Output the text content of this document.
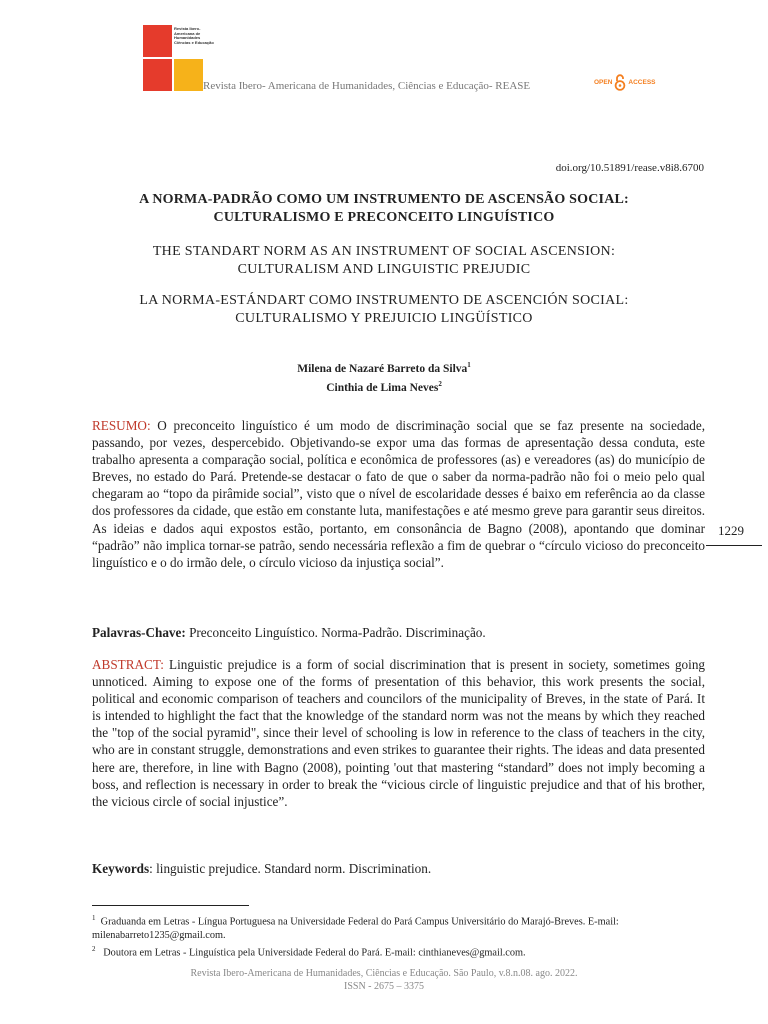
Revista Ibero-Americana de Humanidades Ciências e Educação
Revista Ibero- Americana de Humanidades, Ciências e Educação- REASE	OPEN ACCESS
doi.org/10.51891/rease.v8i8.6700
A NORMA-PADRÃO COMO UM INSTRUMENTO DE ASCENSÃO SOCIAL:
CULTURALISMO E PRECONCEITO LINGUÍSTICO
THE STANDART NORM AS AN INSTRUMENT OF SOCIAL ASCENSION:
CULTURALISM AND LINGUISTIC PREJUDIC
LA NORMA-ESTÁNDART COMO INSTRUMENTO DE ASCENCIÓN SOCIAL:
CULTURALISMO Y PREJUICIO LINGÜÍSTICO
Milena de Nazaré Barreto da Silva$^1$
Cinthia de Lima Neves$^2$
RESUMO: O preconceito linguístico é um modo de discriminação social que se faz presente na sociedade, passando, por vezes, despercebido. Objetivando-se expor uma das formas de apresentação dessa conduta, este trabalho apresenta a comparação social, política e econômica de professores (as) e vereadores (as) do município de Breves, no estado do Pará. Pretende-se destacar o fato de que o saber da norma-padrão não foi o meio pelo qual chegaram ao “topo da pirâmide social”, visto que o nível de escolaridade desses é baixo em referência ao da classe dos professores da cidade, que estão em constante luta, manifestações e até mesmo greve para garantir seus direitos. As ideias e dados aqui expostos estão, portanto, em consonância de Bagno (2008), apontando que dominar “padrão” não implica tornar-se patrão, sendo necessária reflexão a fim de quebrar o “círculo vicioso do preconceito linguístico e o do irmão dele, o círculo vicioso da injustiça social”.
1229
Palavras-Chave: Preconceito Linguístico. Norma-Padrão. Discriminação.
ABSTRACT: Linguistic prejudice is a form of social discrimination that is present in society, sometimes going unnoticed. Aiming to expose one of the forms of presentation of this behavior, this work presents the social, political and economic comparison of teachers and councilors of the municipality of Breves, in the state of Pará. It is intended to highlight the fact that the knowledge of the standard norm was not the means by which they reached the "top of the social pyramid", since their level of schooling is low in reference to the class of teachers in the city, who are in constant struggle, demonstrations and even strikes to guarantee their rights. The ideas and data presented here are, therefore, in line with Bagno (2008), pointing 'out that mastering “standard” does not imply becoming a boss, and reflection is necessary in order to break the “vicious circle of linguistic prejudice and that of his brother, the vicious circle of social injustice”.
Keywords: linguistic prejudice. Standard norm. Discrimination.
$^1$ Graduanda em Letras - Língua Portuguesa na Universidade Federal do Pará Campus Universitário do Marajó-Breves. E-mail: milenabarreto1235@gmail.com.
$^2$ Doutora em Letras - Linguística pela Universidade Federal do Pará. E-mail: cinthianeves@gmail.com.
Revista Ibero-Americana de Humanidades, Ciências e Educação. São Paulo, v.8.n.08. ago. 2022.
ISSN - 2675 – 3375
